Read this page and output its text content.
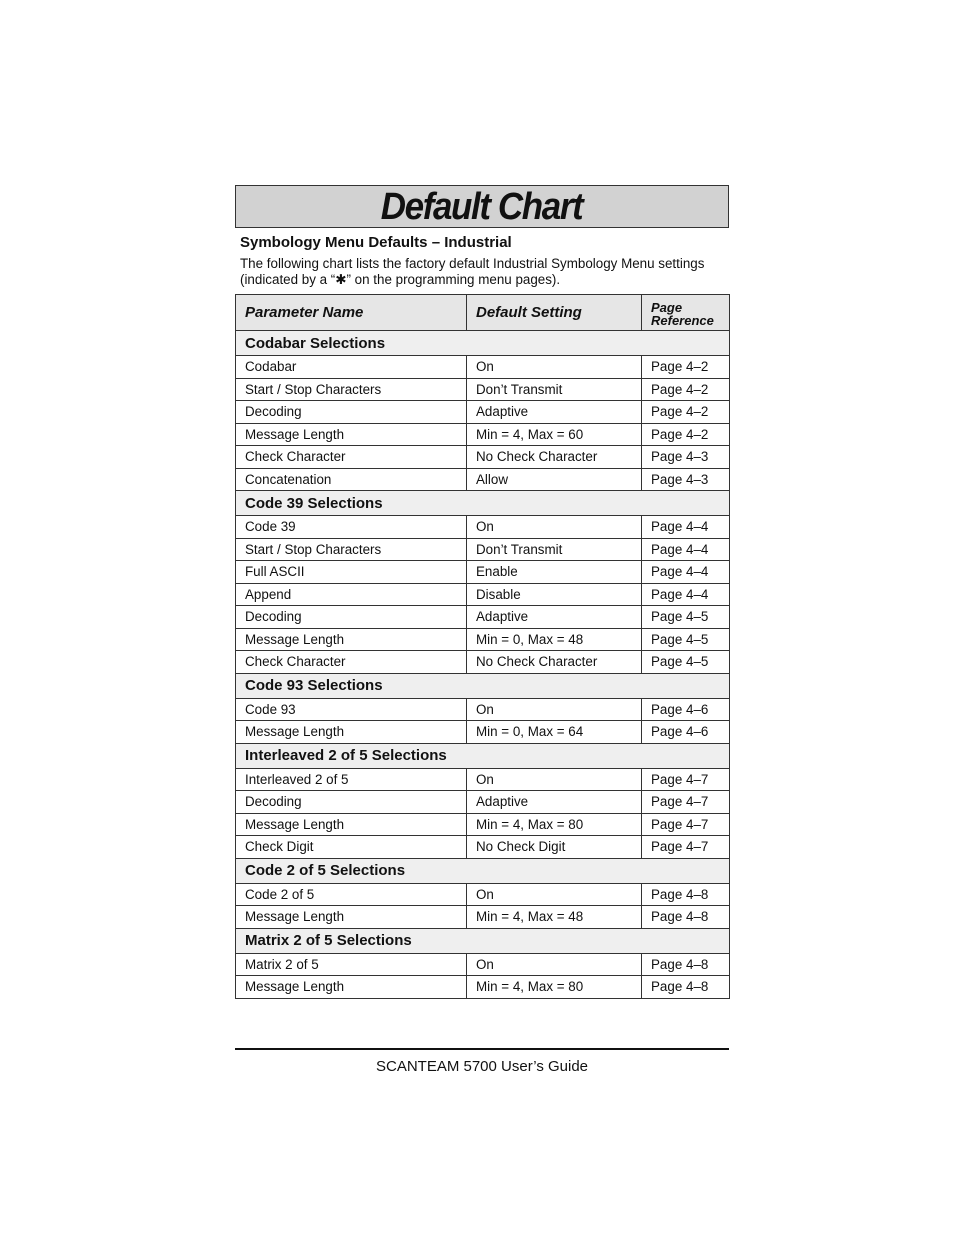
Default Chart
Symbology Menu Defaults – Industrial
The following chart lists the factory default Industrial Symbology Menu settings (indicated by a “✱” on the programming menu pages).
Parameter Name	Default Setting	Page
Reference
Codabar Selections		
Codabar	On	Page 4–2
Start / Stop Characters	Don’t Transmit	Page 4–2
Decoding	Adaptive	Page 4–2
Message Length	Min = 4, Max = 60	Page 4–2
Check Character	No Check Character	Page 4–3
Concatenation	Allow	Page 4–3
Code 39 Selections		
Code 39	On	Page 4–4
Start / Stop Characters	Don’t Transmit	Page 4–4
Full ASCII	Enable	Page 4–4
Append	Disable	Page 4–4
Decoding	Adaptive	Page 4–5
Message Length	Min = 0, Max = 48	Page 4–5
Check Character	No Check Character	Page 4–5
Code 93 Selections		
Code 93	On	Page 4–6
Message Length	Min = 0, Max = 64	Page 4–6
Interleaved 2 of 5 Selections		
Interleaved 2 of 5	On	Page 4–7
Decoding	Adaptive	Page 4–7
Message Length	Min = 4, Max = 80	Page 4–7
Check Digit	No Check Digit	Page 4–7
Code 2 of 5 Selections		
Code 2 of 5	On	Page 4–8
Message Length	Min = 4, Max = 48	Page 4–8
Matrix 2 of 5 Selections		
Matrix 2 of 5	On	Page 4–8
Message Length	Min = 4, Max = 80	Page 4–8
SCANTEAM 5700 User’s Guide
